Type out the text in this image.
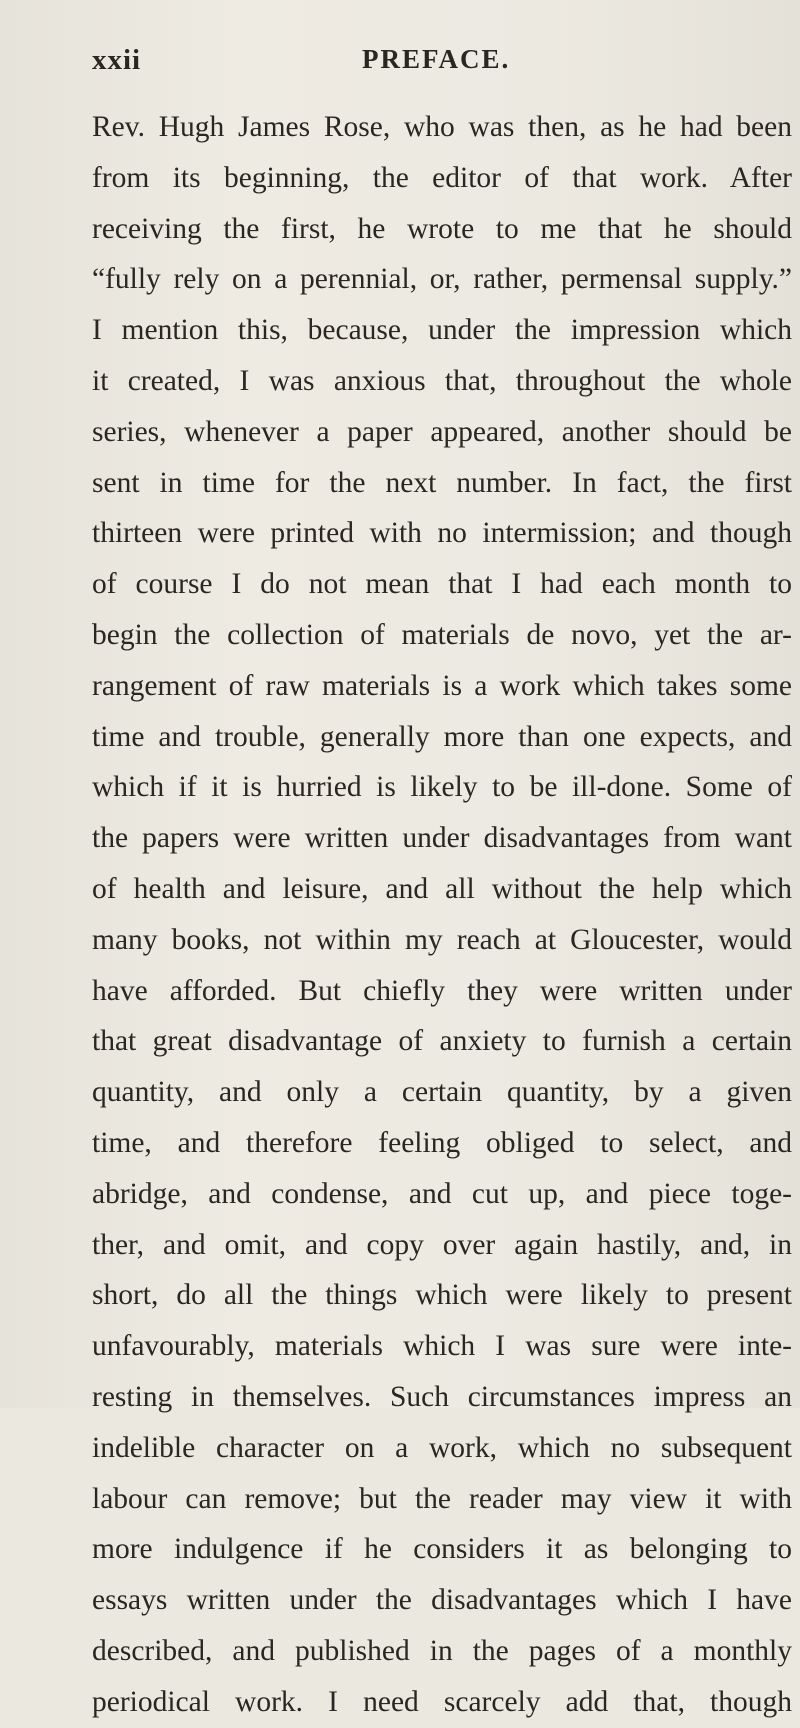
xxii	PREFACE.
Rev. Hugh James Rose, who was then, as he had been
from its beginning, the editor of that work. After
receiving the first, he wrote to me that he should
“fully rely on a perennial, or, rather, permensal supply.”
I mention this, because, under the impression which
it created, I was anxious that, throughout the whole
series, whenever a paper appeared, another should be
sent in time for the next number. In fact, the first
thirteen were printed with no intermission; and though
of course I do not mean that I had each month to
begin the collection of materials de novo, yet the ar-
rangement of raw materials is a work which takes some
time and trouble, generally more than one expects, and
which if it is hurried is likely to be ill-done. Some of
the papers were written under disadvantages from want
of health and leisure, and all without the help which
many books, not within my reach at Gloucester, would
have afforded. But chiefly they were written under
that great disadvantage of anxiety to furnish a certain
quantity, and only a certain quantity, by a given
time, and therefore feeling obliged to select, and
abridge, and condense, and cut up, and piece toge-
ther, and omit, and copy over again hastily, and, in
short, do all the things which were likely to present
unfavourably, materials which I was sure were inte-
resting in themselves. Such circumstances impress an
indelible character on a work, which no subsequent
labour can remove; but the reader may view it with
more indulgence if he considers it as belonging to
essays written under the disadvantages which I have
described, and published in the pages of a monthly
periodical work. I need scarcely add that, though
